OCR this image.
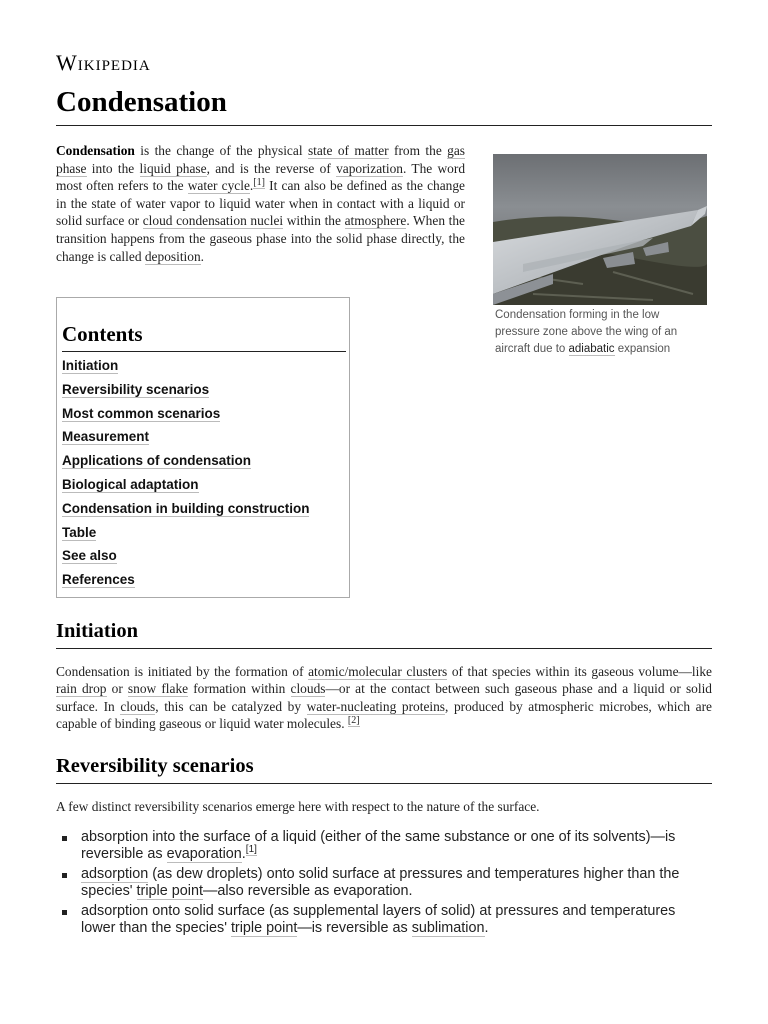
Wikipedia
Condensation

Condensation is the change of the physical state of matter from the gas phase into the liquid phase, and is the reverse of vaporization. The word most often refers to the water cycle.[1] It can also be defined as the change in the state of water vapor to liquid water when in contact with a liquid or solid surface or cloud condensation nuclei within the atmosphere. When the transition happens from the gaseous phase into the solid phase directly, the change is called deposition.

Condensation forming in the low pressure zone above the wing of an aircraft due to adiabatic expansion
Contents
Initiation
Reversibility scenarios
Most common scenarios
Measurement
Applications of condensation
Biological adaptation
Condensation in building construction
Table
See also
References
Initiation

Condensation is initiated by the formation of atomic/molecular clusters of that species within its gaseous volume—like rain drop or snow flake formation within clouds—or at the contact between such gaseous phase and a liquid or solid surface. In clouds, this can be catalyzed by water-nucleating proteins, produced by atmospheric microbes, which are capable of binding gaseous or liquid water molecules. [2]

Reversibility scenarios

A few distinct reversibility scenarios emerge here with respect to the nature of the surface.

absorption into the surface of a liquid (either of the same substance or one of its solvents)—is reversible as evaporation.[1]
adsorption (as dew droplets) onto solid surface at pressures and temperatures higher than the species' triple point—also reversible as evaporation.
adsorption onto solid surface (as supplemental layers of solid) at pressures and temperatures lower than the species' triple point—is reversible as sublimation.
